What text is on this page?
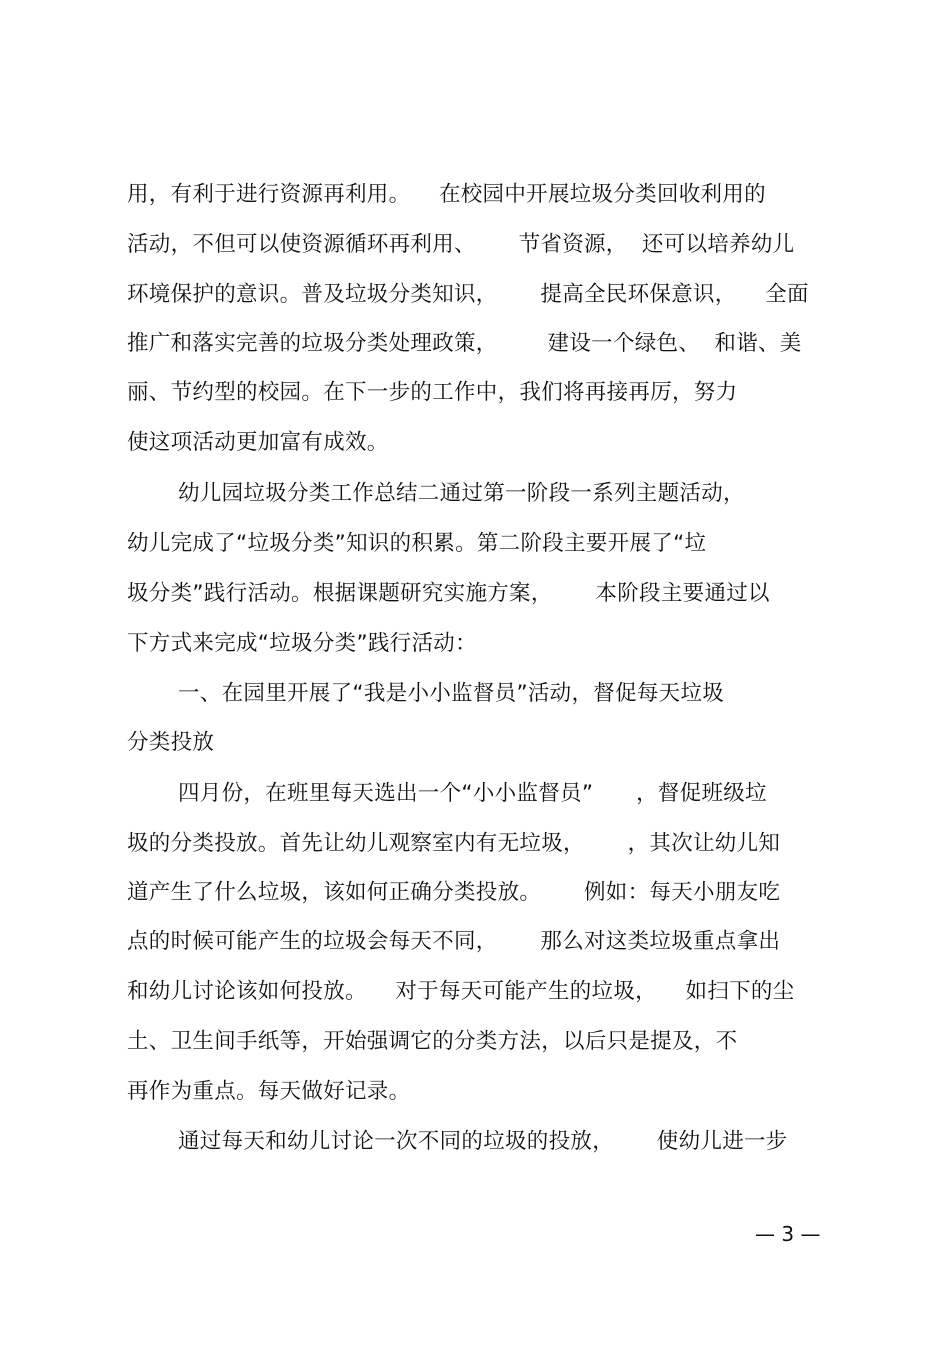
用，有利于进行资源再利用。    在校园中开展垃圾分类回收利用的
活动，不但可以使资源循环再利用、      节省资源，  还可以培养幼儿
环境保护的意识。普及垃圾分类知识，      提高全民环保意识，    全面
推广和落实完善的垃圾分类处理政策，       建设一个绿色、  和谐、美
丽、节约型的校园。在下一步的工作中，我们将再接再厉，努力
使这项活动更加富有成效。
幼儿园垃圾分类工作总结二通过第一阶段一系列主题活动，
幼儿完成了“垃圾分类”知识的积累。第二阶段主要开展了“垃
圾分类”践行活动。根据课题研究实施方案，      本阶段主要通过以
下方式来完成“垃圾分类”践行活动：
一、在园里开展了“我是小小监督员”活动，督促每天垃圾
分类投放
四月份，在班里每天选出一个“小小监督员”      ，督促班级垃
圾的分类投放。首先让幼儿观察室内有无垃圾，      ，其次让幼儿知
道产生了什么垃圾，该如何正确分类投放。      例如：每天小朋友吃
点的时候可能产生的垃圾会每天不同，      那么对这类垃圾重点拿出
和幼儿讨论该如何投放。    对于每天可能产生的垃圾，    如扫下的尘
土、卫生间手纸等，开始强调它的分类方法，以后只是提及，不
再作为重点。每天做好记录。
通过每天和幼儿讨论一次不同的垃圾的投放，      使幼儿进一步
— 3 —
